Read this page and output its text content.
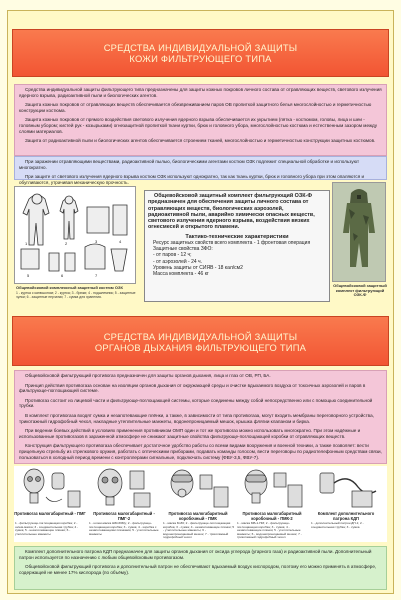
СРЕДСТВА ИНДИВИДУАЛЬНОЙ ЗАЩИТЫ
КОЖИ ФИЛЬТРУЮЩЕГО ТИПА

Средства индивидуальной защиты фильтрующего типа предназначены для защиты кожных покровов личного состава от отравляющих веществ, светового излучения ядерного взрыва, радиоактивной пыли и биологических агентов.

Защита кожных покровов от отравляющих веществ обеспечивается обезвреживанием паров ОВ пропиткой защитного белья многослойностью и герметичностью конструкции костюма.

Защита кожных покровов от прямого воздействия светового излучения ядерного взрыва обеспечивается их укрытием (пятка - костюмом, головы, лица и шеи - головным убором; кистей рук - козырьками) огнезащитной пропиткой ткани куртки, брюк и головного убора, многослойностью костюма и естественным зазором между слоями материалов.

Защита от радиоактивной пыли и биологических агентов обеспечивается строением тканей, многослойностью и герметичностью конструкции защитных костюмов.

При заражении отравляющими веществами, радиоактивной пылью, биологическими агентами костюм ОЗК подлежит специальной обработке и используют многократно.

При защите от светового излучения ядерного взрыва костюм ОЗК используют однократно, так как ткань куртки, брюк и головного убора при этом опаляются и обугливаются, утрачивая механическую прочность.

1	2	3	4
5	6	7
Общевойсковой комплексный защитный костюм ОЗК
1 - куртка с капюшоном; 2 - куртка; 3 - брюки; 4 - подшлемник; 5 - защитные чулки; 6 - защитные перчатки; 7 - сумка для хранения.
Общевойсковой защитный комплект фильтрующий ОЗК-Ф предназначен для обеспечения защиты личного состава от отравляющих веществ, биологических аэрозолей, радиоактивной пыли, аварийно химически опасных веществ, светового излучения ядерного взрыва, воздействия вязких огнесмесей и открытого пламени.
Тактико-технические характеристики
Ресурс защитных свойств всего комплекта - 1 фронтовая операция
Защитные свойства ЗФО:
- от паров - 12 ч;
- от аэрозолей - 24 ч.
Уровень защиты от СИЯВ - 18 кал/см2
Масса комплекта - 46 кг
Общевойсковой защитный комплект фильтрующий ОЗК-Ф
СРЕДСТВА ИНДИВИДУАЛЬНОЙ ЗАЩИТЫ
ОРГАНОВ ДЫХАНИЯ ФИЛЬТРУЮЩЕГО ТИПА

Общевойсковой фильтрующий противогаз предназначен для защиты органов дыхания, лица и глаз от ОВ, РП, БА.

Принцип действия противогаза основан на изоляции органов дыхания от окружающей среды и очистке вдыхаемого воздуха от токсичных аэрозолей и паров в фильтрующе-поглощающей системе.

Противогаз состоит из лицевой части и фильтрующе-поглощающей системы, которые соединены между собой непосредственно или с помощью соединительной трубки.

В комплект противогаза входят сумка и незапотевающие плёнки, а также, в зависимости от типа противогаза, могут входить мембраны переговорного устройства, трикотажный гидрофобный чехол, накладные утеплительные манжеты, водонепроницаемый мешок, крышка флягии клапаном и бирка.

При ведении боевых действий в условиях применения противником ОМП один и тот же противогаз можно использовать многократно. При этом надёжные и использованные противогазов в зараженной атмосфере не снижают защитные свойства фильтрующе-поглощающей коробки от отравляющих веществ.

Конструкция фильтрующего противогаза обеспечивает достаточное удобство работы со всеми видами вооружения и военной техники, а также позволяет: вести прицельную стрельбу из стрелкового оружия, работать с оптическими приборами, подавать команды голосом, вести переговоры по радиотелефонным средствам связи, пользоваться в холодный период времени с контроллерами сигнальные, подключать систему (ФВУ-3,5, ФВУ-7).

Противогаз малогабаритный - ПМГ
1 - фильтрующе-поглощающая коробка; 2 - шлем-маска; 3 - соединительная трубка; 4 - сумка; 5 - незапотевающие плёнки; 6 - утеплительные манжеты
Противогаз малогабаритный - ПМГ-2
1 - шлем-маска ШМ-66Му; 2 - фильтрующе-поглощающая коробка; 3 - сумка; 4 - коробка с незапотевающими плёнками; 5 - утеплительные манжеты
Противогаз малогабаритный коробочный - ПМК
1 - маска М-80; 2 - фильтрующе-поглощающая коробка; 3 - сумка; 4 - незапотевающие плёнки; 5 - утеплительные манжеты; 6 - водонепроницаемый мешок; 7 - трикотажный гидрофобный чехол
Противогаз малогабаритный коробочный - ПМК-2
1 - маска МБ-1-ПМ; 2 - фильтрующе-поглощающая коробка; 3 - сумка; 4 - незапотевающие плёнки; 5 - утеплительные манжеты; 6 - водонепроницаемый мешок; 7 - трикотажный гидрофобный чехол
Комплект дополнительного патрона КДП
1 - дополнительный патрон ДП-1; 2 - соединительная трубка; 3 - сумка

Комплект дополнительного патрона КДП предназначен для защиты органов дыхания от оксида углерода (угарного газа) и радиоактивной пыли. Дополнительный патрон используется по назначению с любым общевойсковым противогазом.

Общевойсковой фильтрующий противогаз и дополнительный патрон не обеспечивают вдыхаемый воздух кислородом, поэтому его можно применять в атмосфере, содержащей не менее 17% кислорода (по объёму).
